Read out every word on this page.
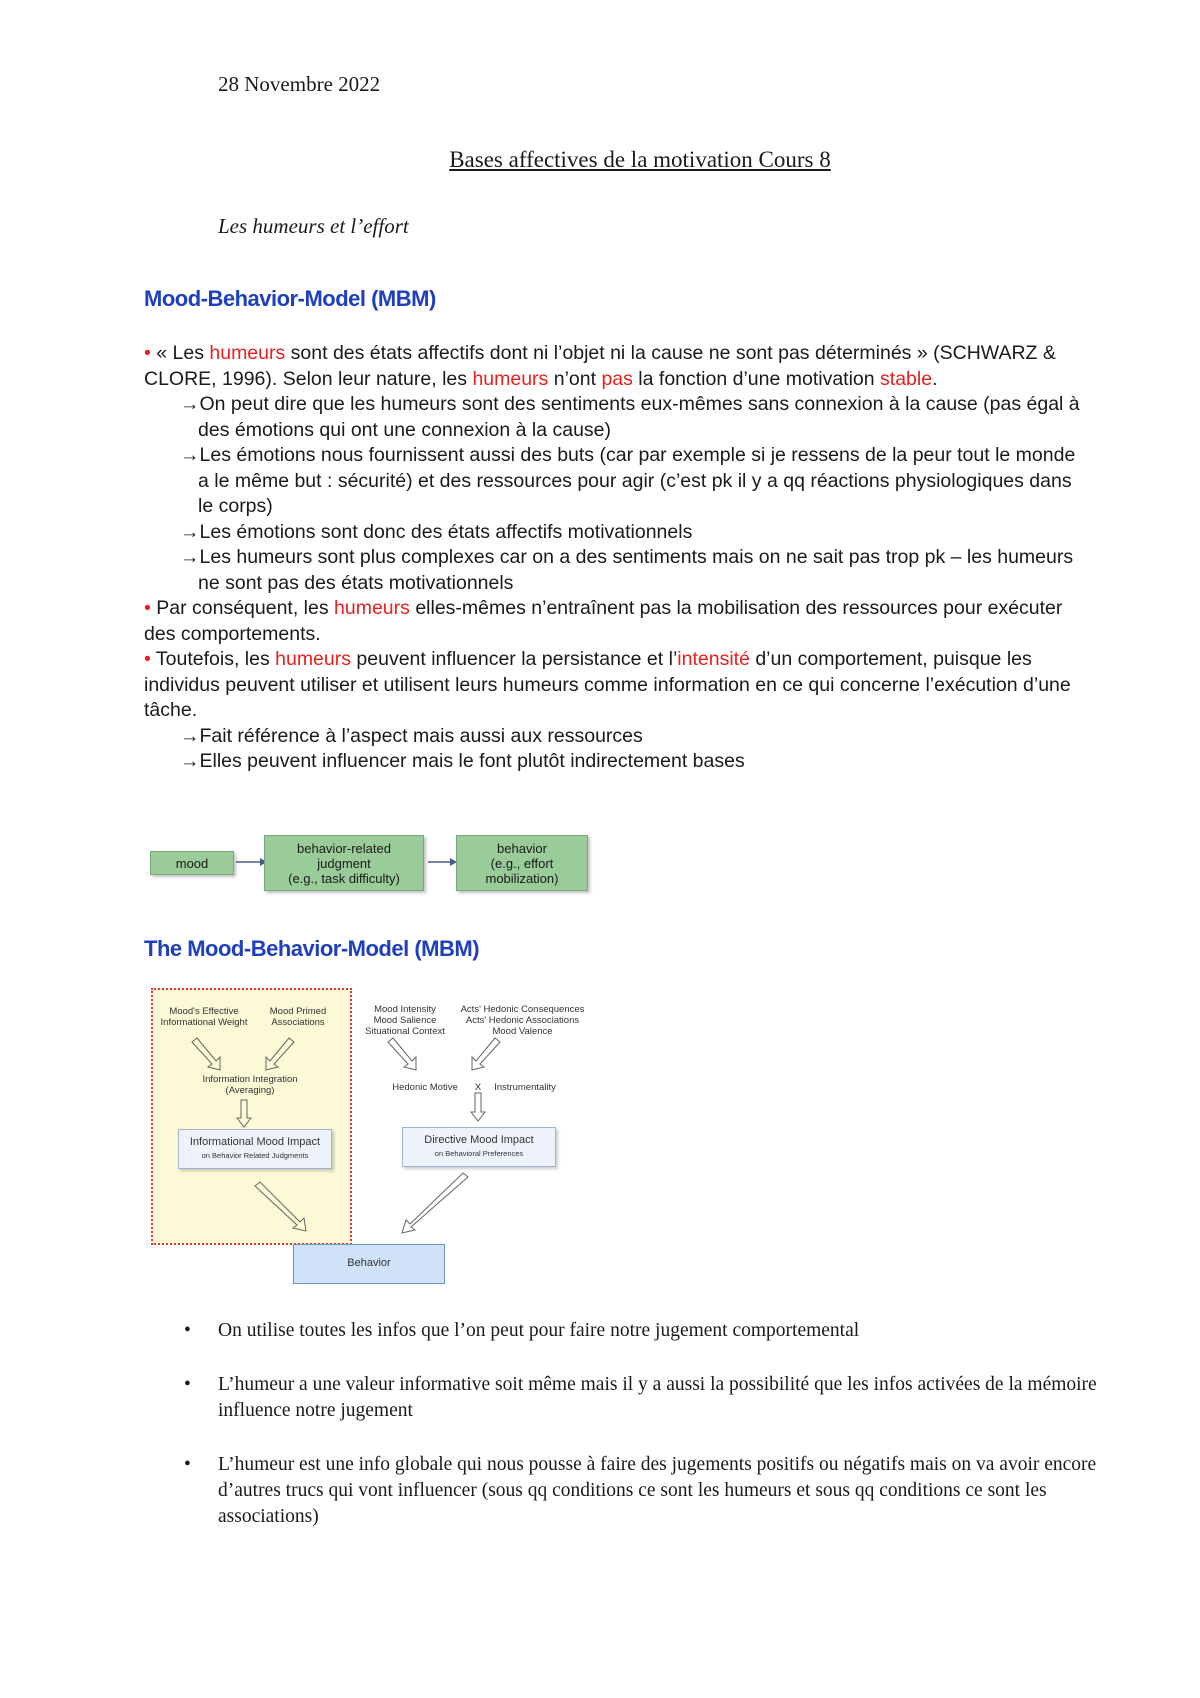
28 Novembre 2022
Bases affectives de la motivation Cours 8
Les humeurs et l’effort
Mood-Behavior-Model (MBM)

• « Les humeurs sont des états affectifs dont ni l’objet ni la cause ne sont pas déterminés » (SCHWARZ & CLORE, 1996). Selon leur nature, les humeurs n’ont pas la fonction d’une motivation stable.

→On peut dire que les humeurs sont des sentiments eux-mêmes sans connexion à la cause (pas égal à des émotions qui ont une connexion à la cause)

→Les émotions nous fournissent aussi des buts (car par exemple si je ressens de la peur tout le monde a le même but : sécurité) et des ressources pour agir (c’est pk il y a qq réactions physiologiques dans le corps)

→Les émotions sont donc des états affectifs motivationnels

→Les humeurs sont plus complexes car on a des sentiments mais on ne sait pas trop pk – les humeurs ne sont pas des états motivationnels

• Par conséquent, les humeurs elles-mêmes n’entraînent pas la mobilisation des ressources pour exécuter des comportements.

• Toutefois, les humeurs peuvent influencer la persistance et l’intensité d’un comportement, puisque les individus peuvent utiliser et utilisent leurs humeurs comme information en ce qui concerne l’exécution d’une tâche.

→Fait référence à l’aspect mais aussi aux ressources

→Elles peuvent influencer mais le font plutôt indirectement bases

mood
behavior-related
judgment
(e.g., task difficulty)
behavior
(e.g., effort
mobilization)
The Mood-Behavior-Model (MBM)
Mood's Effective
Informational Weight
Mood Primed
Associations
Information Integration
(Averaging)
Informational Mood Impact
on Behavior Related Judgments
Mood Intensity
Mood Salience
Situational Context
Acts' Hedonic Consequences
Acts' Hedonic Associations
Mood Valence
Hedonic Motive	X	Instrumentality
Directive Mood Impact
on Behavioral Preferences
Behavior
• On utilise toutes les infos que l’on peut pour faire notre jugement comportemental
• L’humeur a une valeur informative soit même mais il y a aussi la possibilité que les infos activées de la mémoire influence notre jugement
• L’humeur est une info globale qui nous pousse à faire des jugements positifs ou négatifs mais on va avoir encore d’autres trucs qui vont influencer (sous qq conditions ce sont les humeurs et sous qq conditions ce sont les associations)
